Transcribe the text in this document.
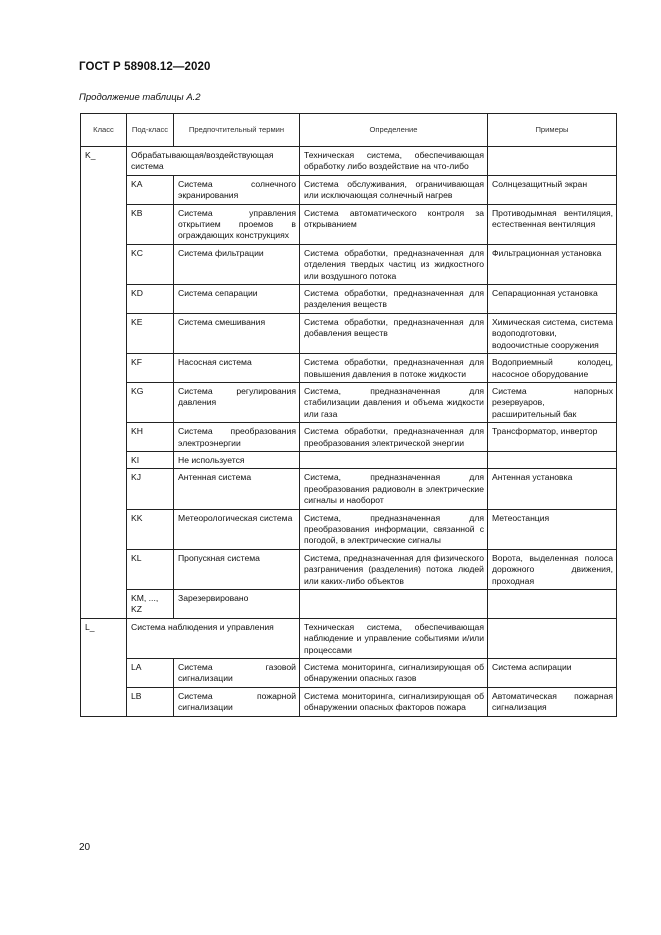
ГОСТ Р 58908.12—2020
Продолжение таблицы А.2
Класс	Под-класс	Предпочтительный термин	Определение	Примеры
K_	Обрабатывающая/воздействующая система		Техническая система, обеспечивающая обработку либо воздействие на что-либо	
	KA	Система солнечного экранирования	Система обслуживания, ограничивающая или исключающая солнечный нагрев	Солнцезащитный экран
	KB	Система управления открытием проемов в ограждающих конструкциях	Система автоматического контроля за открыванием	Противодымная вентиляция, естественная вентиляция
	KC	Система фильтрации	Система обработки, предназначенная для отделения твердых частиц из жидкостного или воздушного потока	Фильтрационная установка
	KD	Система сепарации	Система обработки, предназначенная для разделения веществ	Сепарационная установка
	KE	Система смешивания	Система обработки, предназначенная для добавления веществ	Химическая система, система водоподготовки, водоочистные сооружения
	KF	Насосная система	Система обработки, предназначенная для повышения давления в потоке жидкости	Водоприемный колодец, насосное оборудование
	KG	Система регулирования давления	Система, предназначенная для стабилизации давления и объема жидкости или газа	Система напорных резервуаров, расширительный бак
	KH	Система преобразования электроэнергии	Система обработки, предназначенная для преобразования электрической энергии	Трансформатор, инвертор
	KI	Не используется		
	KJ	Антенная система	Система, предназначенная для преобразования радиоволн в электрические сигналы и наоборот	Антенная установка
	KK	Метеорологическая система	Система, предназначенная для преобразования информации, связанной с погодой, в электрические сигналы	Метеостанция
	KL	Пропускная система	Система, предназначенная для физического разграничения (разделения) потока людей или каких-либо объектов	Ворота, выделенная полоса дорожного движения, проходная
	KM, ..., KZ	Зарезервировано		
L_	Система наблюдения и управления		Техническая система, обеспечивающая наблюдение и управление событиями и/или процессами	
	LA	Система газовой сигнализации	Система мониторинга, сигнализирующая об обнаружении опасных газов	Система аспирации
	LB	Система пожарной сигнализации	Система мониторинга, сигнализирующая об обнаружении опасных факторов пожара	Автоматическая пожарная сигнализация
20
